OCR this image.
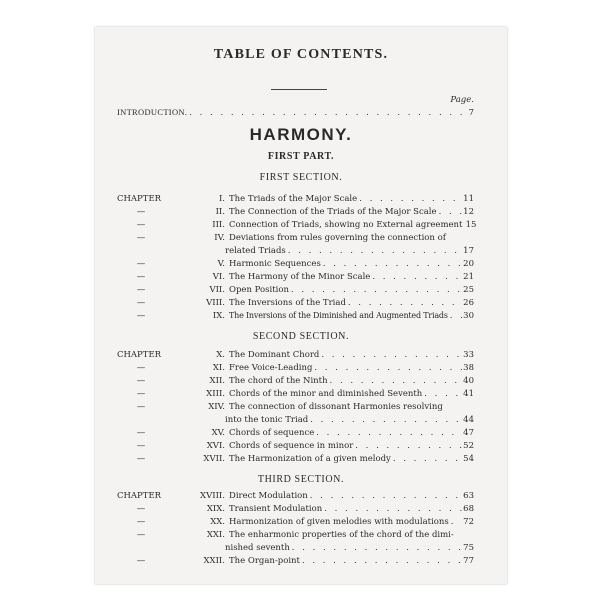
TABLE OF CONTENTS.
Page.
INTRODUCTION. . . .	7
HARMONY.
FIRST PART.
FIRST SECTION.
CHAPTER	I. The Triads of the Major Scale . . .	11
—	II. The Connection of the Triads of the Major Scale . . .	12
—	III. Connection of Triads, showing no External agreement . . . 15
—	IV. Deviations from rules governing the connection of
related Triads . . .	17
—	V. Harmonic Sequences . . .	20
—	VI. The Harmony of the Minor Scale . . .	21
—	VII. Open Position . . .	25
—	VIII. The Inversions of the Triad . . .	26
—	IX. The Inversions of the Diminished and Augmented Triads . . . 30
SECOND SECTION.
CHAPTER	X. The Dominant Chord . . .	33
—	XI. Free Voice-Leading . . .	38
—	XII. The chord of the Ninth . . .	40
—	XIII. Chords of the minor and diminished Seventh . . .	41
—	XIV. The connection of dissonant Harmonies resolving
into the tonic Triad . . .	44
—	XV. Chords of sequence . . .	47
—	XVI. Chords of sequence in minor . . .	52
—	XVII. The Harmonization of a given melody . . .	54
THIRD SECTION.
CHAPTER	XVIII. Direct Modulation . . .	63
—	XIX. Transient Modulation . . .	68
—	XX. Harmonization of given melodies with modulations . . . 72
—	XXI. The enharmonic properties of the chord of the dimi-
nished seventh . . .	75
—	XXII. The Organ-point . . .	77
